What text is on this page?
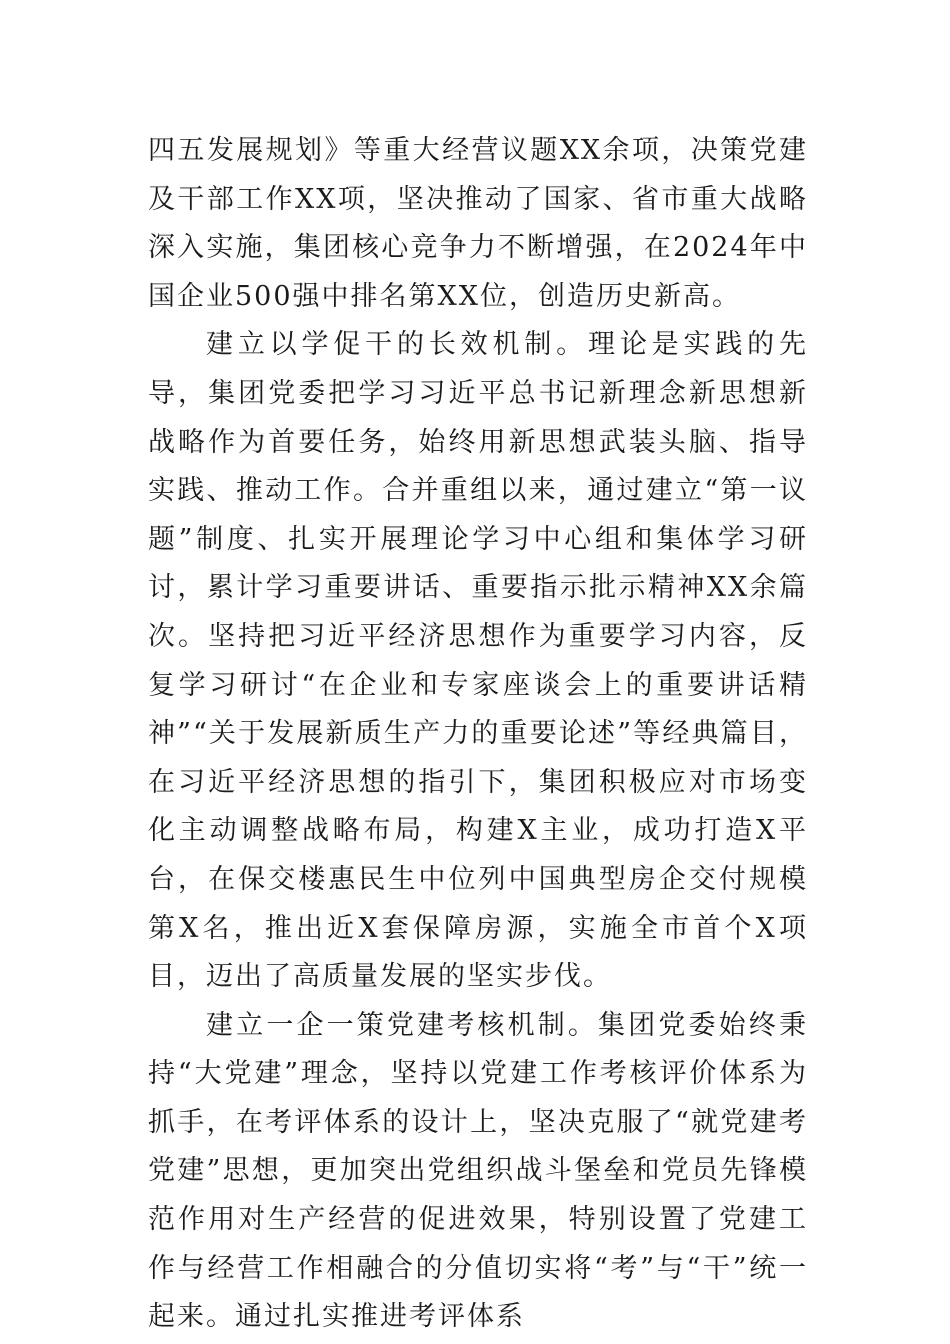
四五发展规划》等重大经营议题XX余项，决策党建及干部工作XX项，坚决推动了国家、省市重大战略深入实施，集团核心竞争力不断增强，在2024年中国企业500强中排名第XX位，创造历史新高。

建立以学促干的长效机制。理论是实践的先导，集团党委把学习习近平总书记新理念新思想新战略作为首要任务，始终用新思想武装头脑、指导实践、推动工作。合并重组以来，通过建立“第一议题”制度、扎实开展理论学习中心组和集体学习研讨，累计学习重要讲话、重要指示批示精神XX余篇次。坚持把习近平经济思想作为重要学习内容，反复学习研讨“在企业和专家座谈会上的重要讲话精神”“关于发展新质生产力的重要论述”等经典篇目，在习近平经济思想的指引下，集团积极应对市场变化主动调整战略布局，构建X主业，成功打造X平台，在保交楼惠民生中位列中国典型房企交付规模第X名，推出近X套保障房源，实施全市首个X项目，迈出了高质量发展的坚实步伐。

建立一企一策党建考核机制。集团党委始终秉持“大党建”理念，坚持以党建工作考核评价体系为抓手，在考评体系的设计上，坚决克服了“就党建考党建”思想，更加突出党组织战斗堡垒和党员先锋模范作用对生产经营的促进效果，特别设置了党建工作与经营工作相融合的分值切实将“考”与“干”统一起来。通过扎实推进考评体系
